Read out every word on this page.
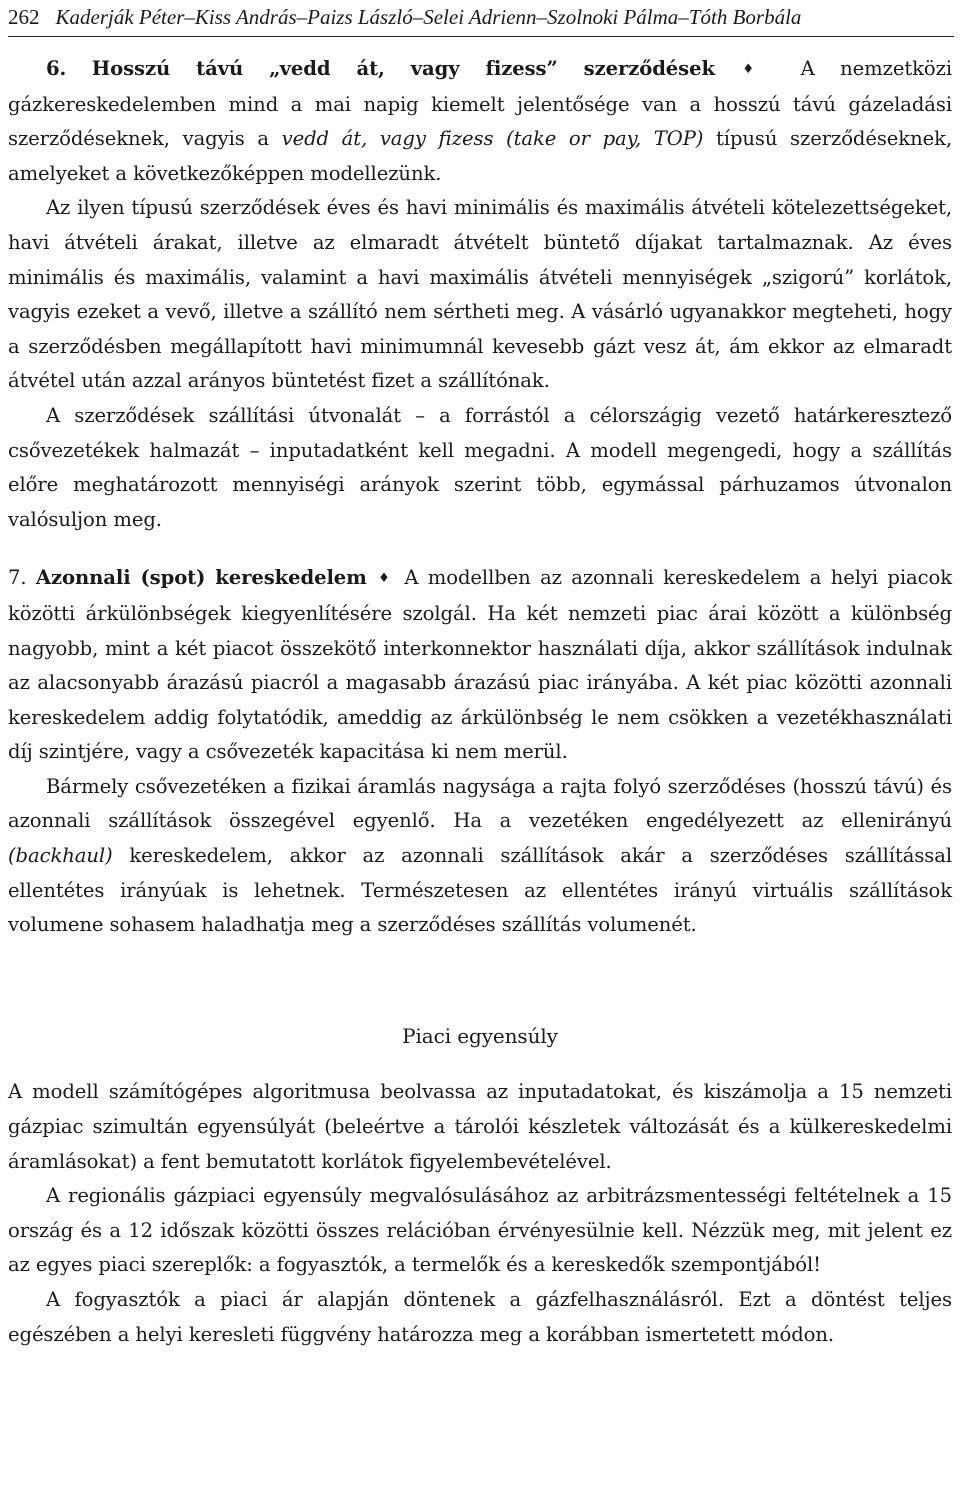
262 Kaderják Péter–Kiss András–Paizs László–Selei Adrienn–Szolnoki Pálma–Tóth Borbála

6. Hosszú távú „vedd át, vagy fizess” szerződések ♦ A nemzetközi gázkereskedelemben mind a mai napig kiemelt jelentősége van a hosszú távú gázeladási szerződéseknek, vagyis a vedd át, vagy fizess (take or pay, TOP) típusú szerződéseknek, amelyeket a következőképpen modellezünk.

Az ilyen típusú szerződések éves és havi minimális és maximális átvételi kötelezettségeket, havi átvételi árakat, illetve az elmaradt átvételt büntető díjakat tartalmaznak. Az éves minimális és maximális, valamint a havi maximális átvételi mennyiségek „szigorú” korlátok, vagyis ezeket a vevő, illetve a szállító nem sértheti meg. A vásárló ugyanakkor megteheti, hogy a szerződésben megállapított havi minimumnál kevesebb gázt vesz át, ám ekkor az elmaradt átvétel után azzal arányos büntetést fizet a szállítónak.

A szerződések szállítási útvonalát – a forrástól a célországig vezető határkeresztező csővezetékek halmazát – inputadatként kell megadni. A modell megengedi, hogy a szállítás előre meghatározott mennyiségi arányok szerint több, egymással párhuzamos útvonalon valósuljon meg.

7. Azonnali (spot) kereskedelem ♦ A modellben az azonnali kereskedelem a helyi piacok közötti árkülönbségek kiegyenlítésére szolgál. Ha két nemzeti piac árai között a különbség nagyobb, mint a két piacot összekötő interkonnektor használati díja, akkor szállítások indulnak az alacsonyabb árazású piacról a magasabb árazású piac irányába. A két piac közötti azonnali kereskedelem addig folytatódik, ameddig az árkülönbség le nem csökken a vezetékhasználati díj szintjére, vagy a csővezeték kapacitása ki nem merül.

Bármely csővezetéken a fizikai áramlás nagysága a rajta folyó szerződéses (hosszú távú) és azonnali szállítások összegével egyenlő. Ha a vezetéken engedélyezett az ellenirányú (backhaul) kereskedelem, akkor az azonnali szállítások akár a szerződéses szállítással ellentétes irányúak is lehetnek. Természetesen az ellentétes irányú virtuális szállítások volumene sohasem haladhatja meg a szerződéses szállítás volumenét.

Piaci egyensúly

A modell számítógépes algoritmusa beolvassa az inputadatokat, és kiszámolja a 15 nemzeti gázpiac szimultán egyensúlyát (beleértve a tárolói készletek változását és a külkereskedelmi áramlásokat) a fent bemutatott korlátok figyelembevételével.

A regionális gázpiaci egyensúly megvalósulásához az arbitrázsmentességi feltételnek a 15 ország és a 12 időszak közötti összes relációban érvényesülnie kell. Nézzük meg, mit jelent ez az egyes piaci szereplők: a fogyasztók, a termelők és a kereskedők szempontjából!

A fogyasztók a piaci ár alapján döntenek a gázfelhasználásról. Ezt a döntést teljes egészében a helyi keresleti függvény határozza meg a korábban ismertetett módon.
